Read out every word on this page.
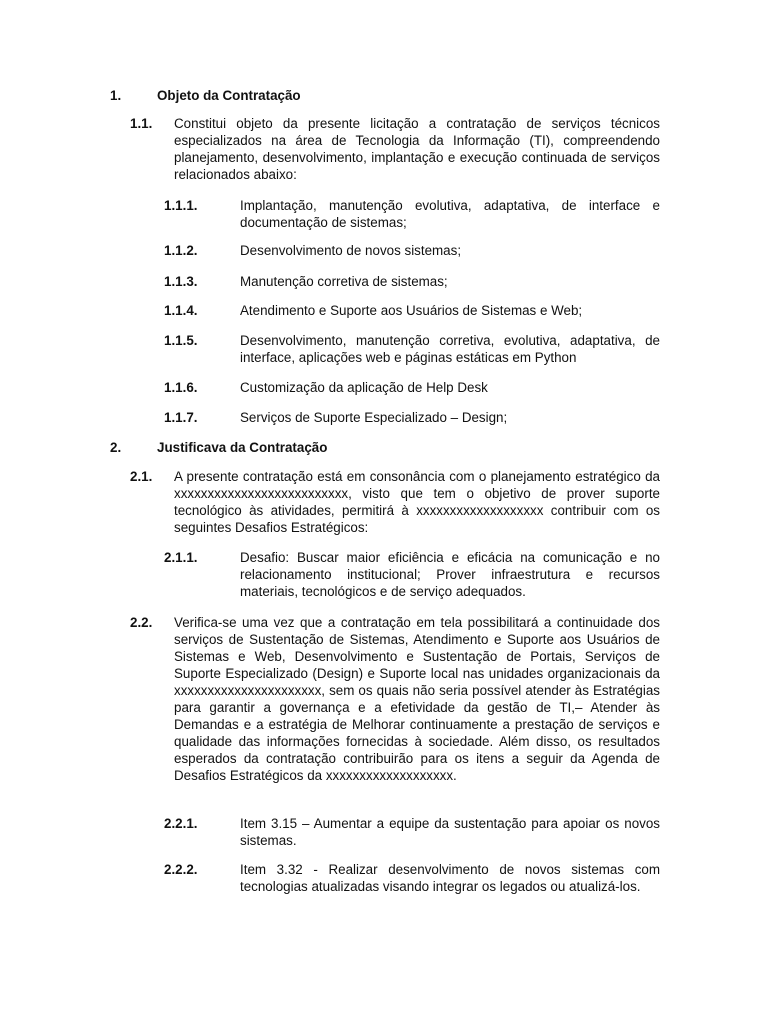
1.	Objeto da Contratação
1.1. Constitui objeto da presente licitação a contratação de serviços técnicos especializados na área de Tecnologia da Informação (TI), compreendendo planejamento, desenvolvimento, implantação e execução continuada de serviços relacionados abaixo:
1.1.1.	Implantação, manutenção evolutiva, adaptativa, de interface e documentação de sistemas;
1.1.2.	Desenvolvimento de novos sistemas;
1.1.3.	Manutenção corretiva de sistemas;
1.1.4.	Atendimento e Suporte aos Usuários de Sistemas e Web;
1.1.5.	Desenvolvimento, manutenção corretiva, evolutiva, adaptativa, de interface, aplicações web e páginas estáticas em Python
1.1.6.	Customização da aplicação de Help Desk
1.1.7.	Serviços de Suporte Especializado – Design;
2.	Justificava da Contratação
2.1. A presente contratação está em consonância com o planejamento estratégico da xxxxxxxxxxxxxxxxxxxxxxxxxx, visto que tem o objetivo de prover suporte tecnológico às atividades, permitirá à xxxxxxxxxxxxxxxxxxx contribuir com os seguintes Desafios Estratégicos:
2.1.1.	Desafio: Buscar maior eficiência e eficácia na comunicação e no relacionamento institucional; Prover infraestrutura e recursos materiais, tecnológicos e de serviço adequados.
2.2. Verifica-se uma vez que a contratação em tela possibilitará a continuidade dos serviços de Sustentação de Sistemas, Atendimento e Suporte aos Usuários de Sistemas e Web, Desenvolvimento e Sustentação de Portais, Serviços de Suporte Especializado (Design) e Suporte local nas unidades organizacionais da xxxxxxxxxxxxxxxxxxxxxx, sem os quais não seria possível atender às Estratégias para garantir a governança e a efetividade da gestão de TI,– Atender às Demandas e a estratégia de Melhorar continuamente a prestação de serviços e qualidade das informações fornecidas à sociedade. Além disso, os resultados esperados da contratação contribuirão para os itens a seguir da Agenda de Desafios Estratégicos da xxxxxxxxxxxxxxxxxxx.
2.2.1.	Item 3.15 – Aumentar a equipe da sustentação para apoiar os novos sistemas.
2.2.2.	Item 3.32 - Realizar desenvolvimento de novos sistemas com tecnologias atualizadas visando integrar os legados ou atualizá-los.
